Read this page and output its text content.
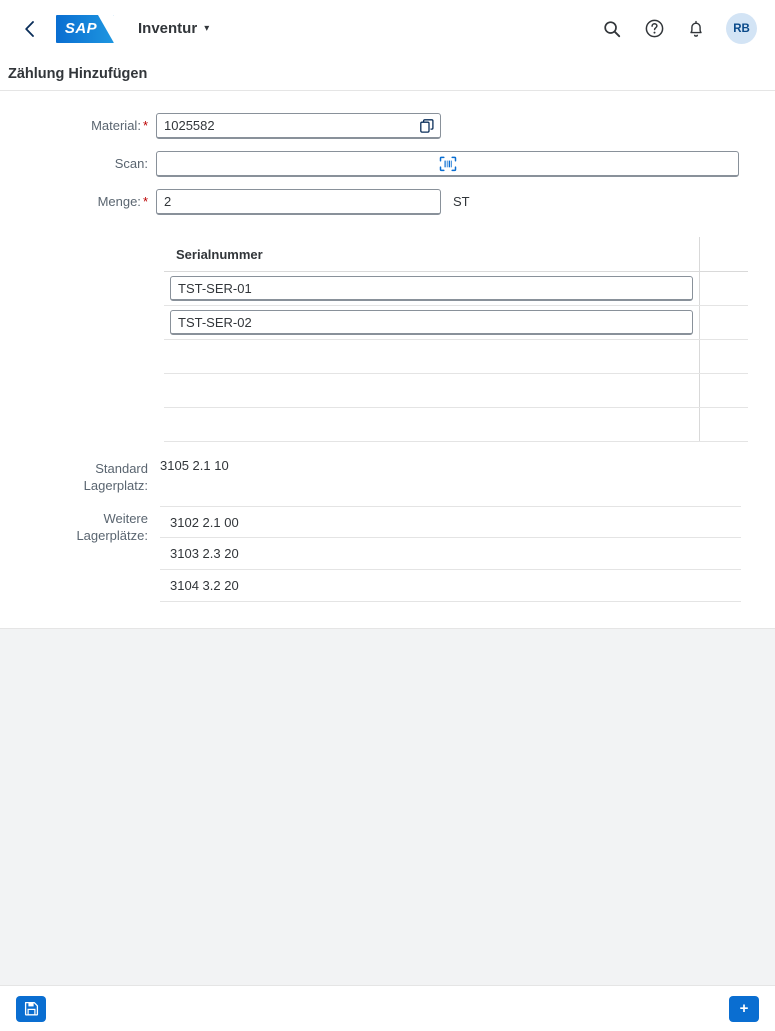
SAP	Inventur ▾	RB
Zählung Hinzufügen
Material: *	1025582
Scan:
Menge: *	2	ST
Serialnummer
TST-SER-01
TST-SER-02
Standard
Lagerplatz:
3105 2.1 10
Weitere
Lagerplätze:
3102 2.1 00
3103 2.3 20
3104 3.2 20
+
